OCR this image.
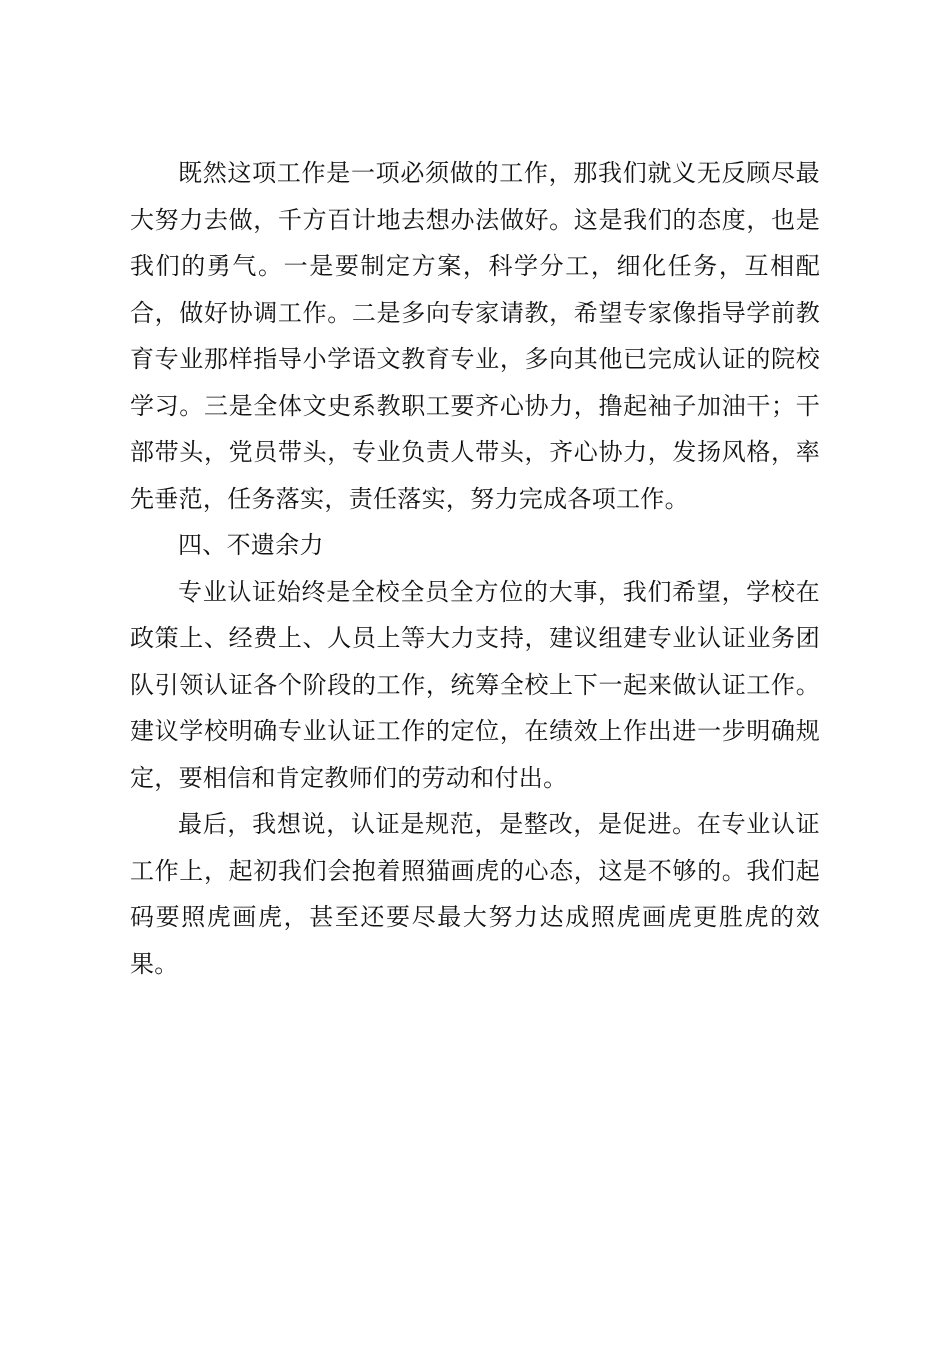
既然这项工作是一项必须做的工作，那我们就义无反顾尽最大努力去做，千方百计地去想办法做好。这是我们的态度，也是我们的勇气。一是要制定方案，科学分工，细化任务，互相配合，做好协调工作。二是多向专家请教，希望专家像指导学前教育专业那样指导小学语文教育专业，多向其他已完成认证的院校学习。三是全体文史系教职工要齐心协力，撸起袖子加油干；干部带头，党员带头，专业负责人带头，齐心协力，发扬风格，率先垂范，任务落实，责任落实，努力完成各项工作。

四、不遗余力

专业认证始终是全校全员全方位的大事，我们希望，学校在政策上、经费上、人员上等大力支持，建议组建专业认证业务团队引领认证各个阶段的工作，统筹全校上下一起来做认证工作。建议学校明确专业认证工作的定位，在绩效上作出进一步明确规定，要相信和肯定教师们的劳动和付出。

最后，我想说，认证是规范，是整改，是促进。在专业认证工作上，起初我们会抱着照猫画虎的心态，这是不够的。我们起码要照虎画虎，甚至还要尽最大努力达成照虎画虎更胜虎的效果。
